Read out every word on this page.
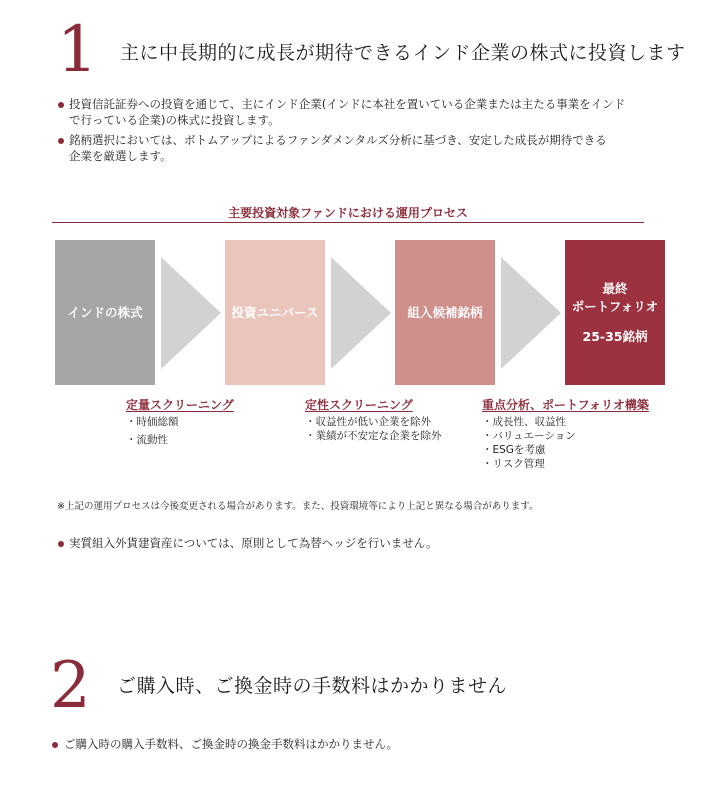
1 主に中長期的に成長が期待できるインド企業の株式に投資します
投資信託証券への投資を通じて、主にインド企業(インドに本社を置いている企業または主たる事業をインド
で行っている企業)の株式に投資します。
銘柄選択においては、ボトムアップによるファンダメンタルズ分析に基づき、安定した成長が期待できる
企業を厳選します。
主要投資対象ファンドにおける運用プロセス
インドの株式	投資ユニバース	組入候補銘柄
最終
ポートフォリオ
25-35銘柄
定量スクリーニング
・時価総額
・流動性
定性スクリーニング
・収益性が低い企業を除外
・業績が不安定な企業を除外
重点分析、ポートフォリオ構築
・成長性、収益性
・バリュエーション
・ESGを考慮
・リスク管理
※上記の運用プロセスは今後変更される場合があります。また、投資環境等により上記と異なる場合があります。
実質組入外貨建資産については、原則として為替ヘッジを行いません。
2 ご購入時、ご換金時の手数料はかかりません
ご購入時の購入手数料、ご換金時の換金手数料はかかりません。
